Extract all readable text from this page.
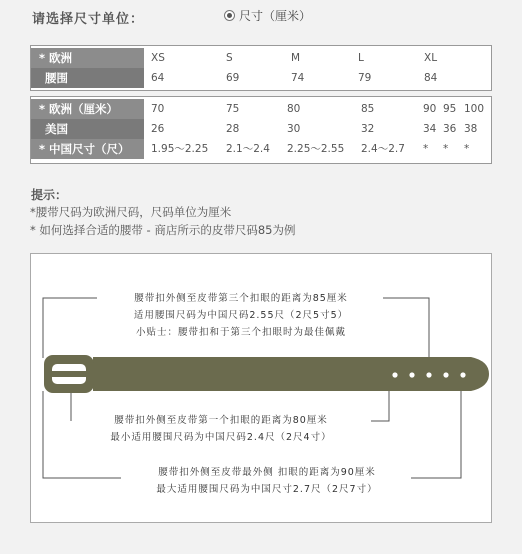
请选择尺寸单位：	尺寸（厘米）
* 欧洲	XS	S	M	L	XL
腰围	64	69	74	79	84
* 欧洲（厘米）	70	75	80	85	90 95 100
美国	26	28	30	32	34 36 38
* 中国尺寸（尺）	1.95～2.25 2.1～2.4 2.25～2.55 2.4～2.7 * * *
提示：
*腰带尺码为欧洲尺码，尺码单位为厘米
* 如何选择合适的腰带 - 商店所示的皮带尺码85为例
腰带扣外侧至皮带第三个扣眼的距离为85厘米
适用腰围尺码为中国尺码2.55尺（2尺5寸5）
小贴士：腰带扣和于第三个扣眼时为最佳佩戴
腰带扣外侧至皮带第一个扣眼的距离为80厘米
最小适用腰围尺码为中国尺码2.4尺（2尺4寸）
腰带扣外侧至皮带最外侧 扣眼的距离为90厘米
最大适用腰围尺码为中国尺寸2.7尺（2尺7寸）
